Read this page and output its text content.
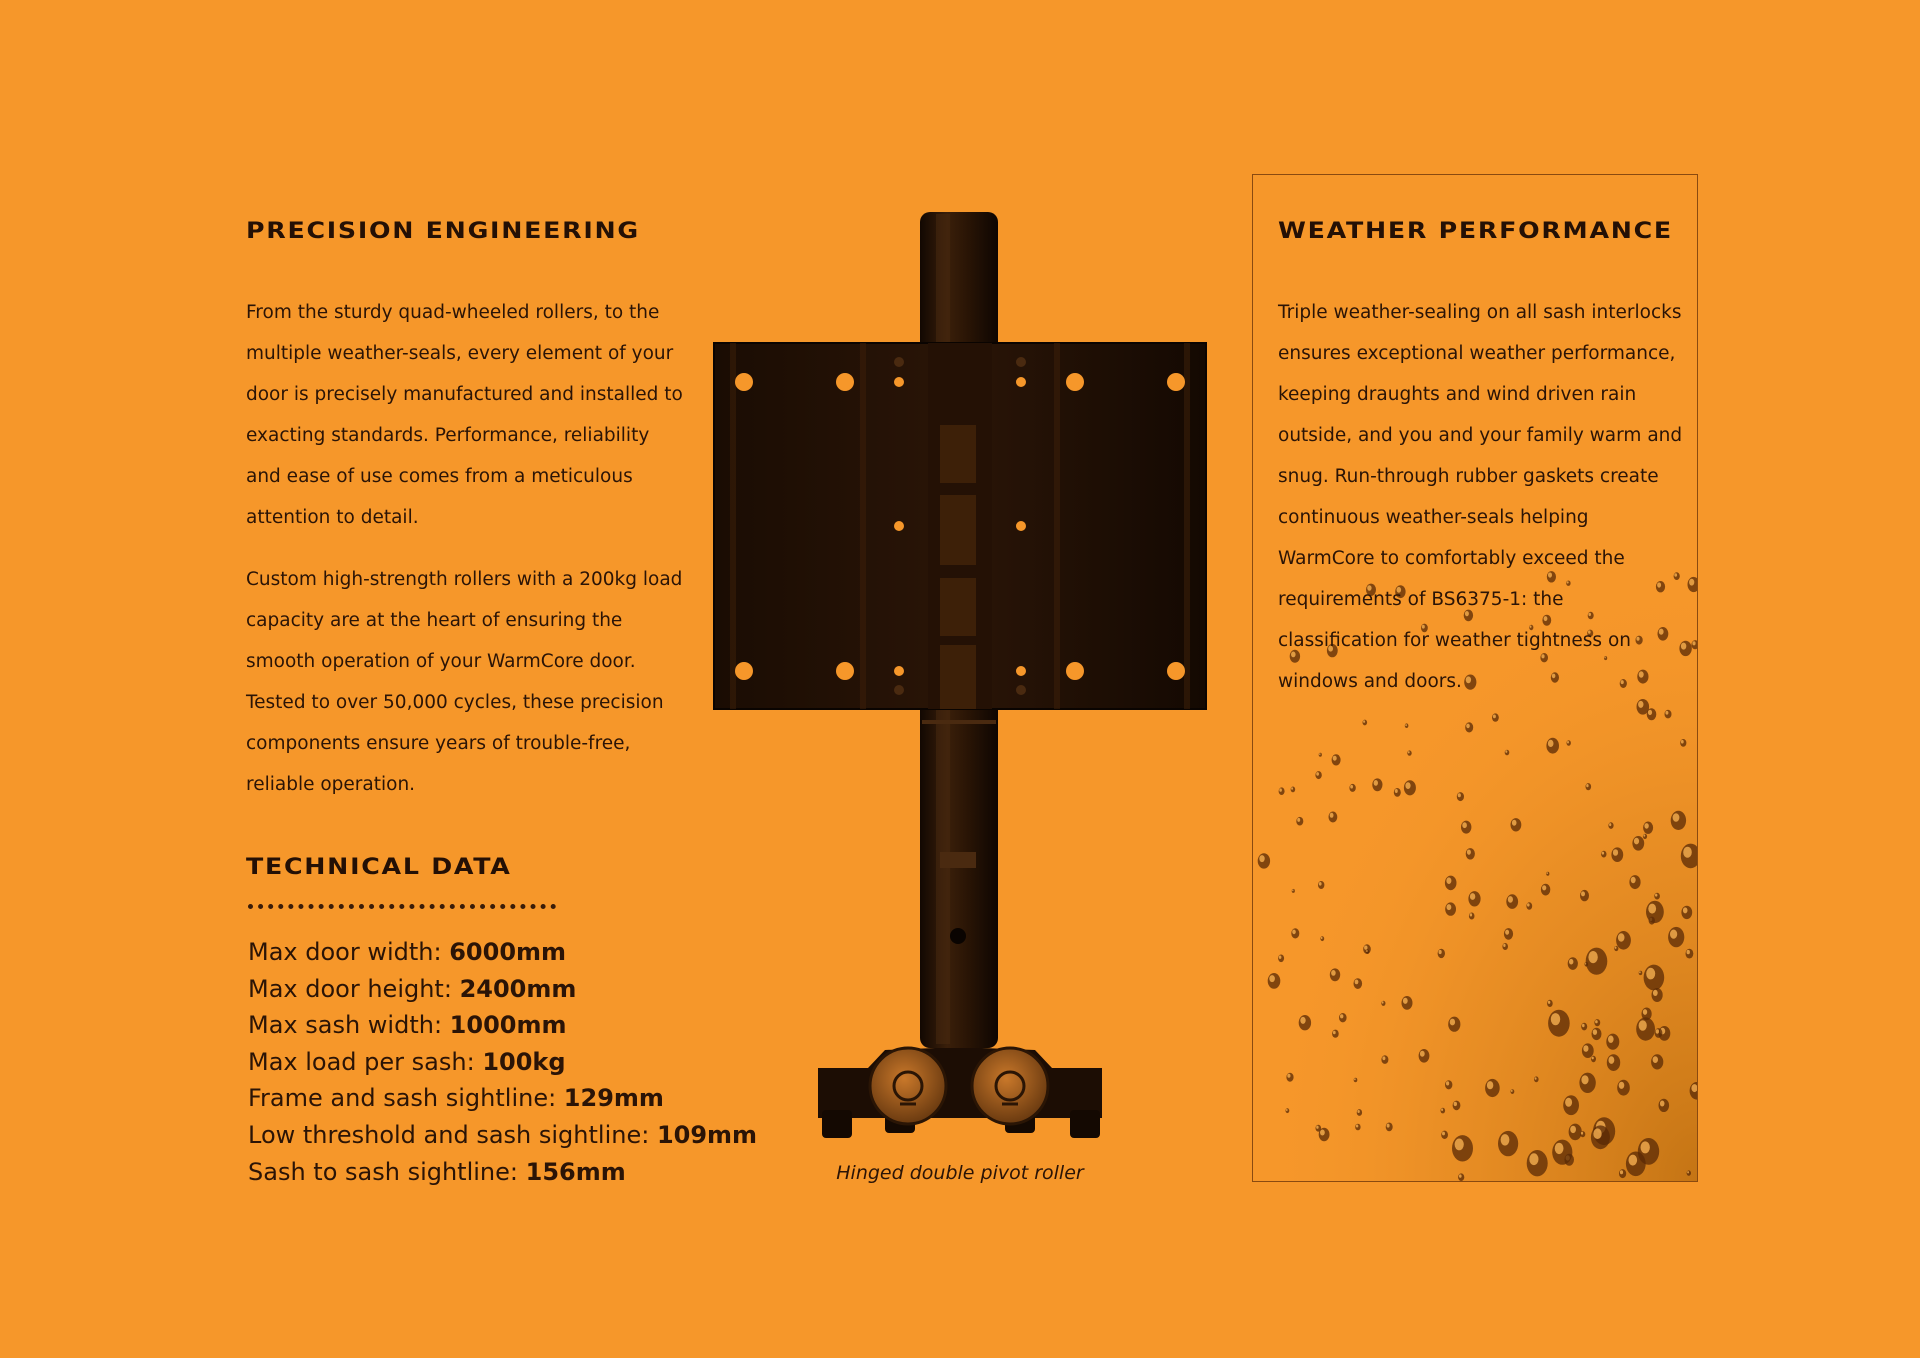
PRECISION ENGINEERING

From the sturdy quad-wheeled rollers, to the multiple weather-seals, every element of your door is precisely manufactured and installed to exacting standards. Performance, reliability and ease of use comes from a meticulous attention to detail.

Custom high-strength rollers with a 200kg load capacity are at the heart of ensuring the smooth operation of your WarmCore door. Tested to over 50,000 cycles, these precision components ensure years of trouble-free, reliable operation.

TECHNICAL DATA
Max door width: 6000mm
Max door height: 2400mm
Max sash width: 1000mm
Max load per sash: 100kg
Frame and sash sightline: 129mm
Low threshold and sash sightline: 109mm
Sash to sash sightline: 156mm	Hinged double pivot roller
WEATHER PERFORMANCE

Triple weather-sealing on all sash interlocks ensures exceptional weather performance, keeping draughts and wind driven rain outside, and you and your family warm and snug. Run-through rubber gaskets create continuous weather-seals helping WarmCore to comfortably exceed the requirements of BS6375-1: the classification for weather tightness on windows and doors.
